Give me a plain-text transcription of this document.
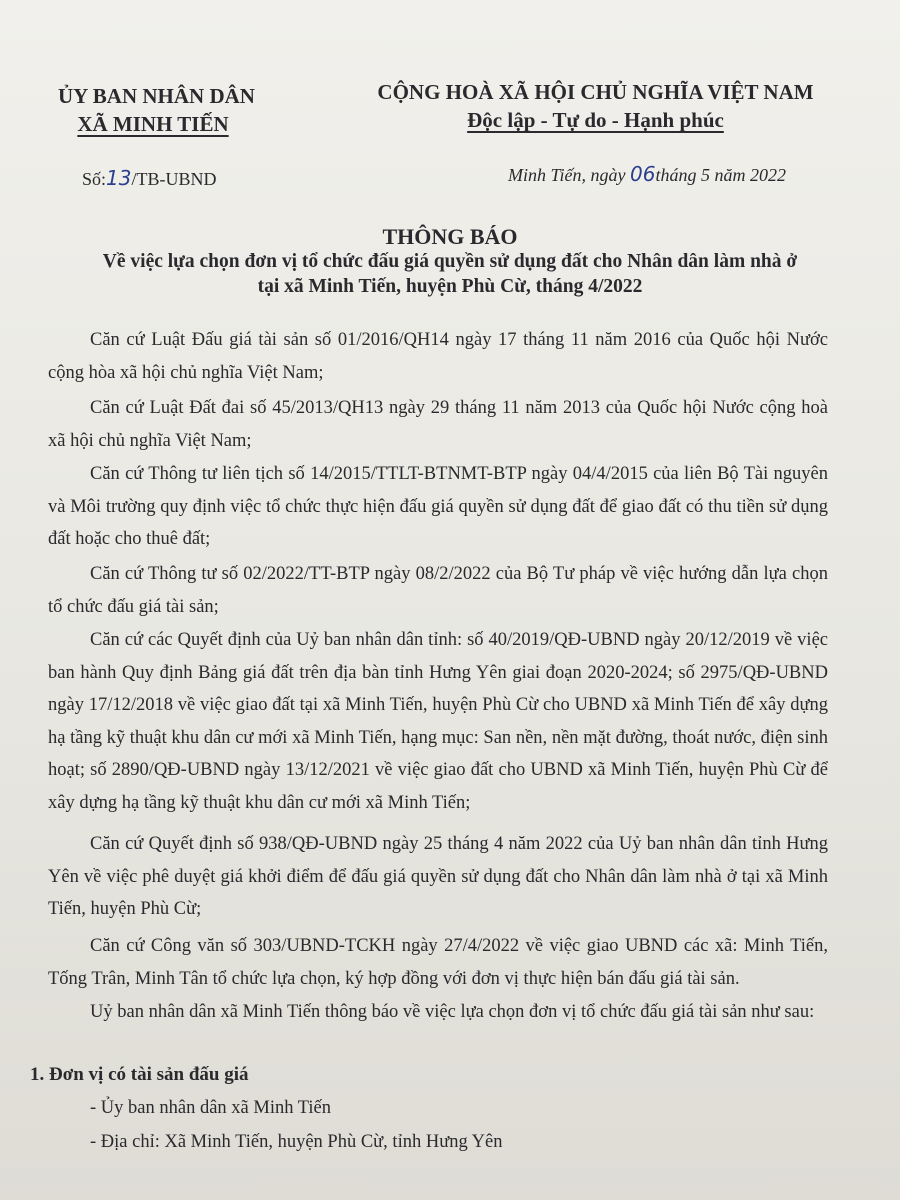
ỦY BAN NHÂN DÂN
XÃ MINH TIẾN
CỘNG HOÀ XÃ HỘI CHỦ NGHĨA VIỆT NAM
Độc lập - Tự do - Hạnh phúc
Số:13/TB-UBND	Minh Tiến, ngày 06tháng 5 năm 2022
THÔNG BÁO
Về việc lựa chọn đơn vị tổ chức đấu giá quyền sử dụng đất cho Nhân dân làm nhà ở
tại xã Minh Tiến, huyện Phù Cừ, tháng 4/2022
Căn cứ Luật Đấu giá tài sản số 01/2016/QH14 ngày 17 tháng 11 năm 2016 của Quốc hội Nước cộng hòa xã hội chủ nghĩa Việt Nam;
Căn cứ Luật Đất đai số 45/2013/QH13 ngày 29 tháng 11 năm 2013 của Quốc hội Nước cộng hoà xã hội chủ nghĩa Việt Nam;
Căn cứ Thông tư liên tịch số 14/2015/TTLT-BTNMT-BTP ngày 04/4/2015 của liên Bộ Tài nguyên và Môi trường quy định việc tổ chức thực hiện đấu giá quyền sử dụng đất để giao đất có thu tiền sử dụng đất hoặc cho thuê đất;
Căn cứ Thông tư số 02/2022/TT-BTP ngày 08/2/2022 của Bộ Tư pháp về việc hướng dẫn lựa chọn tổ chức đấu giá tài sản;
Căn cứ các Quyết định của Uỷ ban nhân dân tỉnh: số 40/2019/QĐ-UBND ngày 20/12/2019 về việc ban hành Quy định Bảng giá đất trên địa bàn tỉnh Hưng Yên giai đoạn 2020-2024; số 2975/QĐ-UBND ngày 17/12/2018 về việc giao đất tại xã Minh Tiến, huyện Phù Cừ cho UBND xã Minh Tiến để xây dựng hạ tầng kỹ thuật khu dân cư mới xã Minh Tiến, hạng mục: San nền, nền mặt đường, thoát nước, điện sinh hoạt; số 2890/QĐ-UBND ngày 13/12/2021 về việc giao đất cho UBND xã Minh Tiến, huyện Phù Cừ để xây dựng hạ tầng kỹ thuật khu dân cư mới xã Minh Tiến;
Căn cứ Quyết định số 938/QĐ-UBND ngày 25 tháng 4 năm 2022 của Uỷ ban nhân dân tỉnh Hưng Yên về việc phê duyệt giá khởi điểm để đấu giá quyền sử dụng đất cho Nhân dân làm nhà ở tại xã Minh Tiến, huyện Phù Cừ;
Căn cứ Công văn số 303/UBND-TCKH ngày 27/4/2022 về việc giao UBND các xã: Minh Tiến, Tống Trân, Minh Tân tổ chức lựa chọn, ký hợp đồng với đơn vị thực hiện bán đấu giá tài sản.
Uỷ ban nhân dân xã Minh Tiến thông báo về việc lựa chọn đơn vị tổ chức đấu giá tài sản như sau:
1. Đơn vị có tài sản đấu giá
- Ủy ban nhân dân xã Minh Tiến
- Địa chỉ: Xã Minh Tiến, huyện Phù Cừ, tỉnh Hưng Yên
